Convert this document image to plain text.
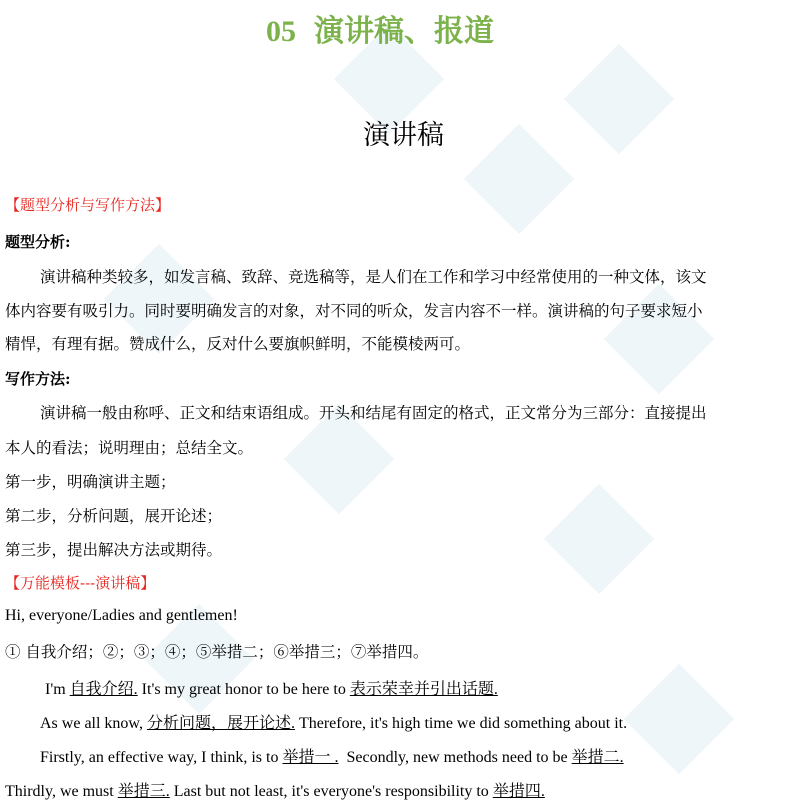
05 演讲稿、报道
演讲稿
【题型分析与写作方法】
题型分析:
演讲稿种类较多，如发言稿、致辞、竞选稿等，是人们在工作和学习中经常使用的一种文体，该文
体内容要有吸引力。同时要明确发言的对象，对不同的听众，发言内容不一样。演讲稿的句子要求短小
精悍，有理有据。赞成什么，反对什么要旗帜鲜明，不能模棱两可。
写作方法:
演讲稿一般由称呼、正文和结束语组成。开头和结尾有固定的格式，正文常分为三部分：直接提出
本人的看法；说明理由；总结全文。
第一步，明确演讲主题；
第二步，分析问题，展开论述；
第三步，提出解决方法或期待。
【万能模板---演讲稿】
Hi, everyone/Ladies and gentlemen!
① 自我介绍；②；③；④；⑤举措二；⑥举措三；⑦举措四。
I'm 自我介绍. It's my great honor to be here to 表示荣幸并引出话题.
As we all know, 分析问题，展开论述. Therefore, it's high time we did something about it.
Firstly, an effective way, I think, is to 举措一 .  Secondly, new methods need to be 举措二.
Thirdly, we must 举措三. Last but not least, it's everyone's responsibility to 举措四.
